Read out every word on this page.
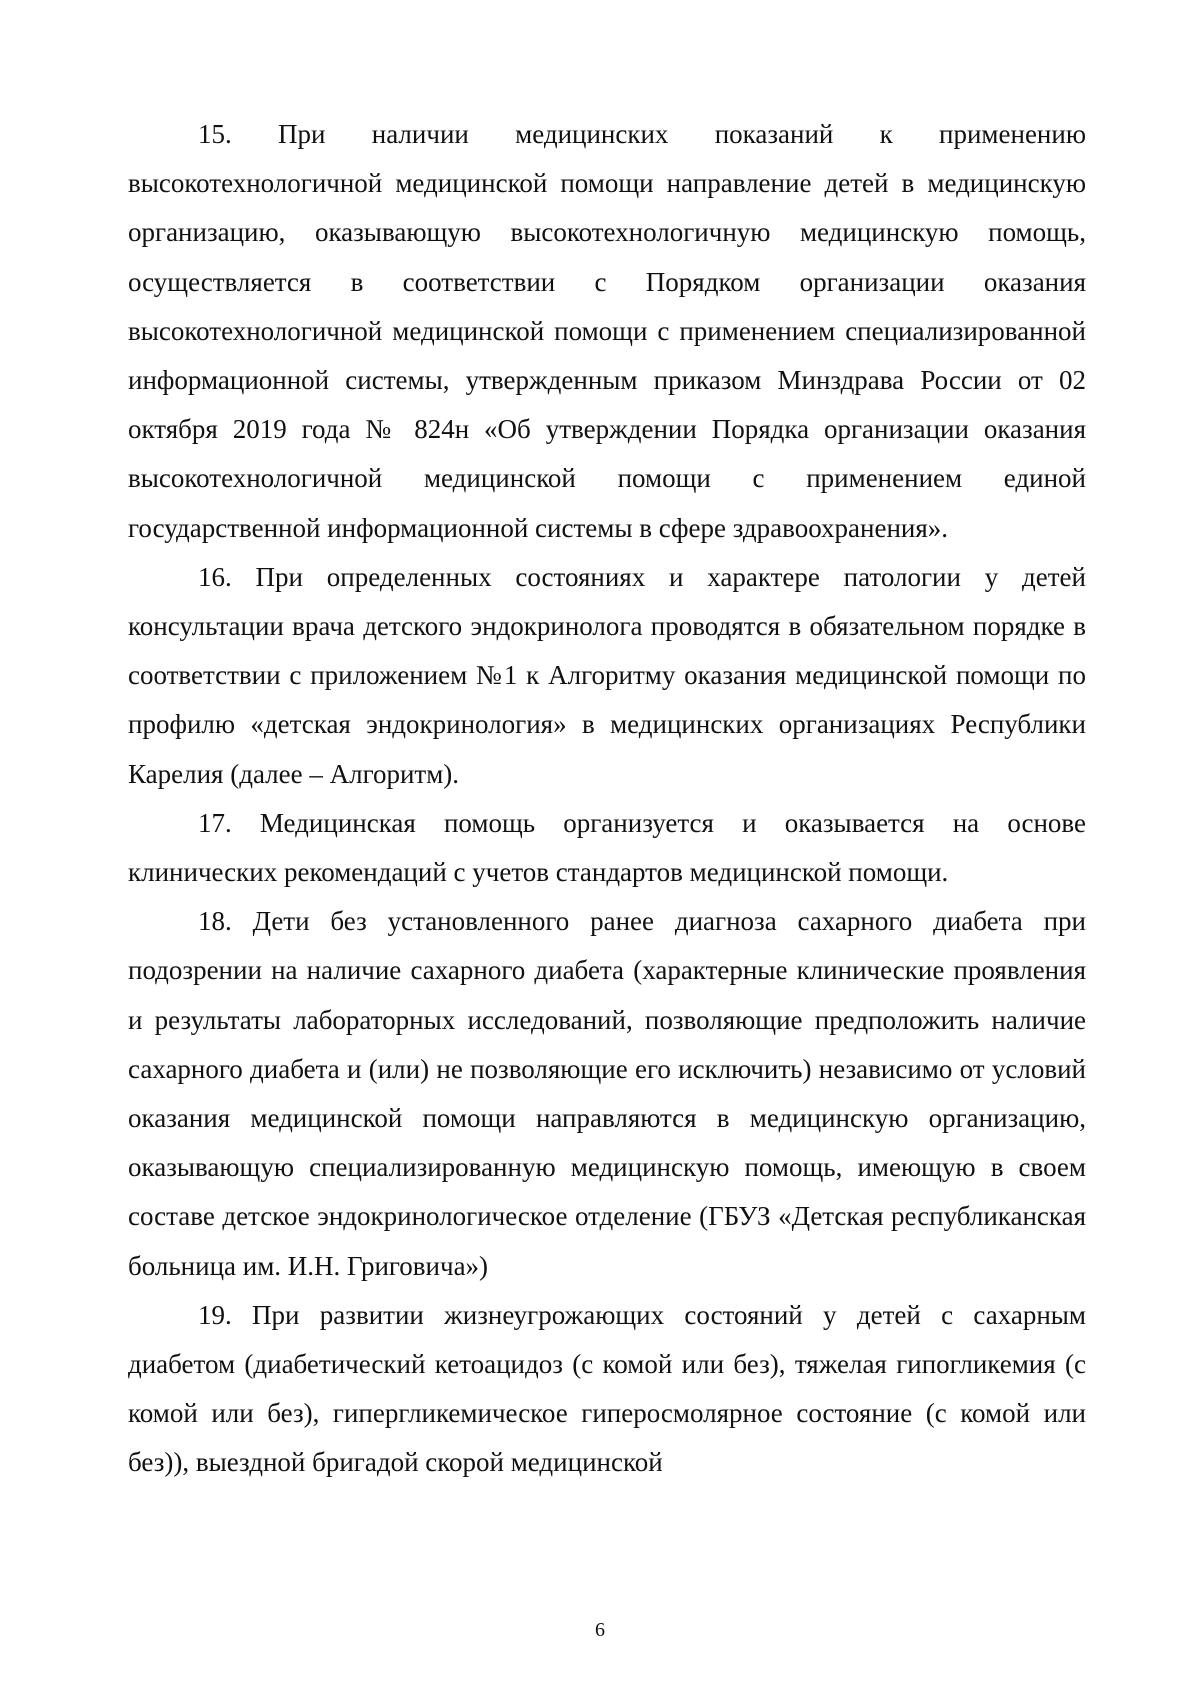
15. При наличии медицинских показаний к применению высокотехнологичной медицинской помощи направление детей в медицинскую организацию, оказывающую высокотехнологичную медицинскую помощь, осуществляется в соответствии с Порядком организации оказания высокотехнологичной медицинской помощи с применением специализированной информационной системы, утвержденным приказом Минздрава России от 02 октября 2019 года № 824н «Об утверждении Порядка организации оказания высокотехнологичной медицинской помощи с применением единой государственной информационной системы в сфере здравоохранения».

16. При определенных состояниях и характере патологии у детей консультации врача детского эндокринолога проводятся в обязательном порядке в соответствии с приложением №1 к Алгоритму оказания медицинской помощи по профилю «детская эндокринология» в медицинских организациях Республики Карелия (далее – Алгоритм).

17. Медицинская помощь организуется и оказывается на основе клинических рекомендаций с учетов стандартов медицинской помощи.

18. Дети без установленного ранее диагноза сахарного диабета при подозрении на наличие сахарного диабета (характерные клинические проявления и результаты лабораторных исследований, позволяющие предположить наличие сахарного диабета и (или) не позволяющие его исключить) независимо от условий оказания медицинской помощи направляются в медицинскую организацию, оказывающую специализированную медицинскую помощь, имеющую в своем составе детское эндокринологическое отделение (ГБУЗ «Детская республиканская больница им. И.Н. Григовича»)

19. При развитии жизнеугрожающих состояний у детей с сахарным диабетом (диабетический кетоацидоз (с комой или без), тяжелая гипогликемия (с комой или без), гипергликемическое гиперосмолярное состояние (с комой или без)), выездной бригадой скорой медицинской

6
